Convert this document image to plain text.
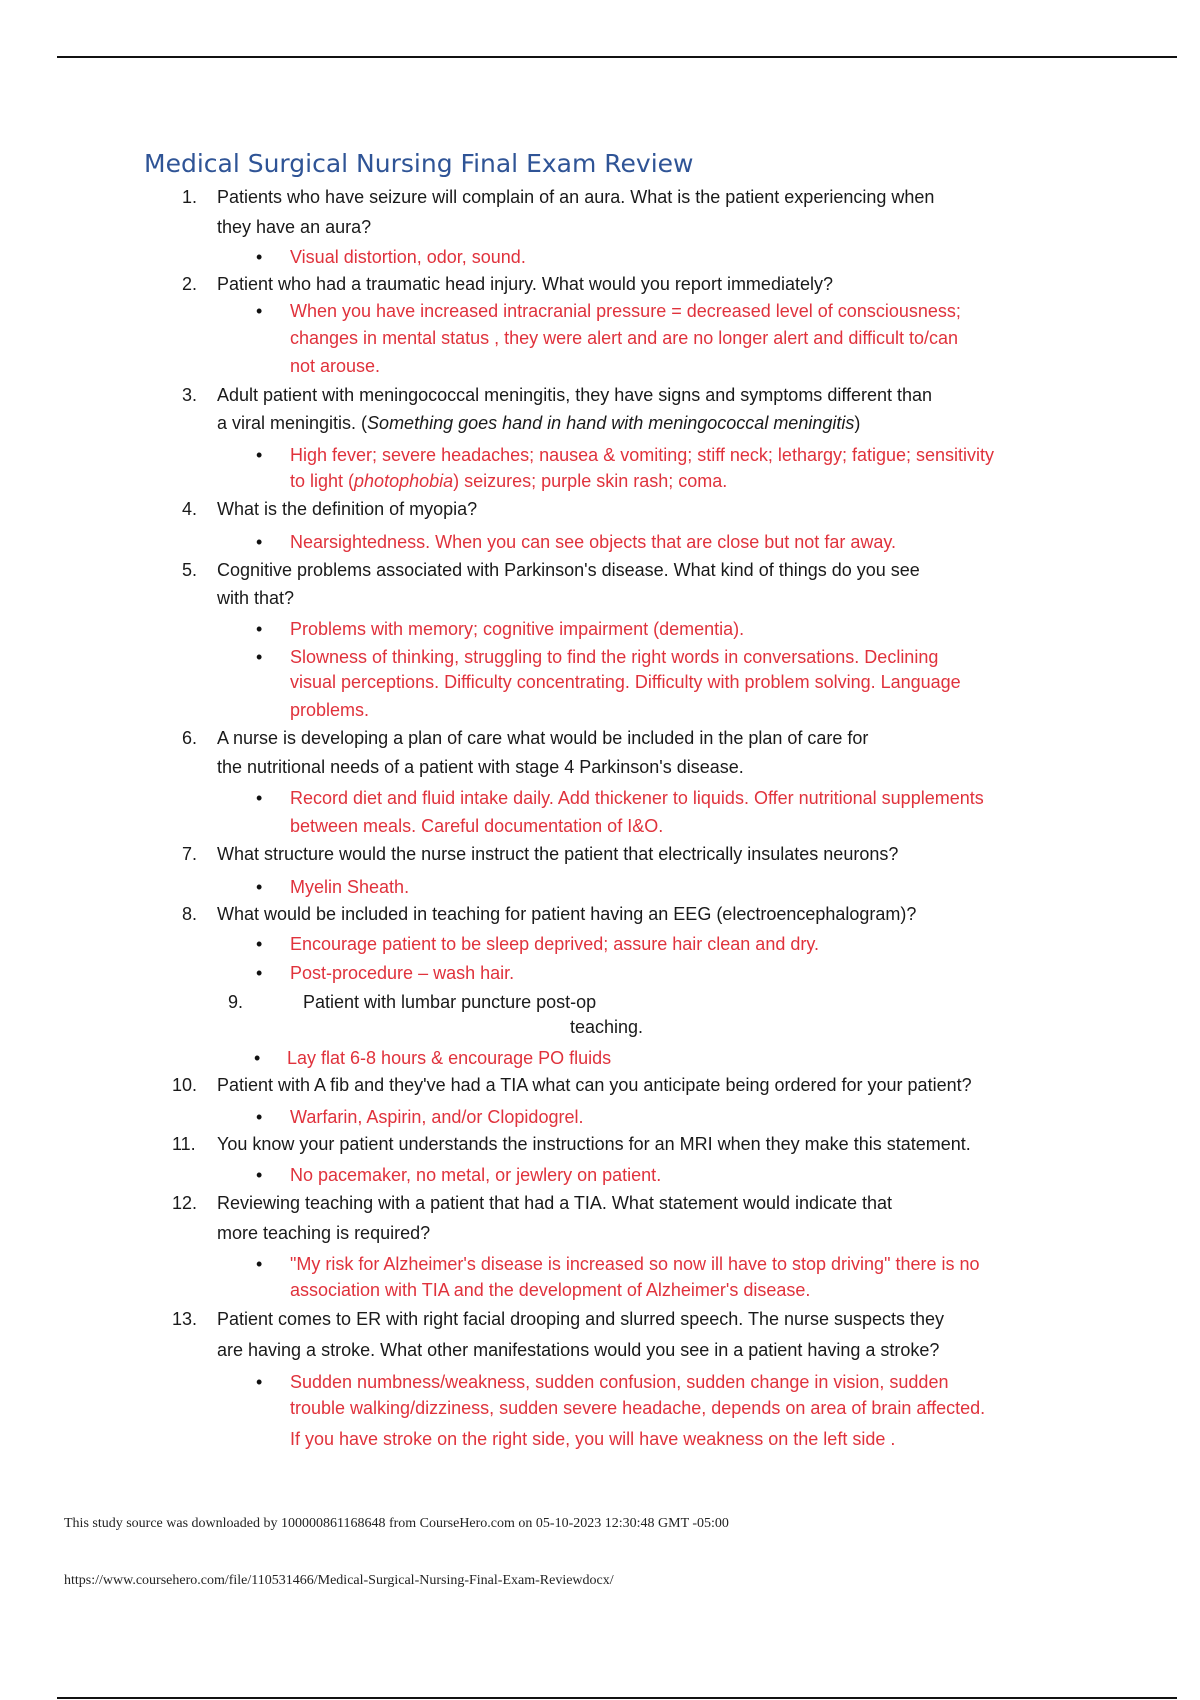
Medical Surgical Nursing Final Exam Review
1. Patients who have seizure will complain of an aura. What is the patient experiencing when
they have an aura?
• Visual distortion, odor, sound.
2. Patient who had a traumatic head injury. What would you report immediately?
• When you have increased intracranial pressure = decreased level of consciousness;
changes in mental status , they were alert and are no longer alert and difficult to/can
not arouse.
3. Adult patient with meningococcal meningitis, they have signs and symptoms different than
a viral meningitis. (Something goes hand in hand with meningococcal meningitis)
• High fever; severe headaches; nausea & vomiting; stiff neck; lethargy; fatigue; sensitivity
to light (photophobia) seizures; purple skin rash; coma.
4. What is the definition of myopia?
• Nearsightedness. When you can see objects that are close but not far away.
5. Cognitive problems associated with Parkinson's disease. What kind of things do you see
with that?
• Problems with memory; cognitive impairment (dementia).
• Slowness of thinking, struggling to find the right words in conversations. Declining
visual perceptions. Difficulty concentrating. Difficulty with problem solving. Language
problems.
6. A nurse is developing a plan of care what would be included in the plan of care for
the nutritional needs of a patient with stage 4 Parkinson's disease.
• Record diet and fluid intake daily. Add thickener to liquids. Offer nutritional supplements
between meals. Careful documentation of I&O.
7. What structure would the nurse instruct the patient that electrically insulates neurons?
• Myelin Sheath.
8. What would be included in teaching for patient having an EEG (electroencephalogram)?
• Encourage patient to be sleep deprived; assure hair clean and dry.
• Post-procedure – wash hair.
9.	Patient with lumbar puncture post-op
teaching.
• Lay flat 6-8 hours & encourage PO fluids
10. Patient with A fib and they've had a TIA what can you anticipate being ordered for your patient?
• Warfarin, Aspirin, and/or Clopidogrel.
11. You know your patient understands the instructions for an MRI when they make this statement.
• No pacemaker, no metal, or jewlery on patient.
12. Reviewing teaching with a patient that had a TIA. What statement would indicate that
more teaching is required?
• "My risk for Alzheimer's disease is increased so now ill have to stop driving" there is no
association with TIA and the development of Alzheimer's disease.
13. Patient comes to ER with right facial drooping and slurred speech. The nurse suspects they
are having a stroke. What other manifestations would you see in a patient having a stroke?
• Sudden numbness/weakness, sudden confusion, sudden change in vision, sudden
trouble walking/dizziness, sudden severe headache, depends on area of brain affected.
If you have stroke on the right side, you will have weakness on the left side .
This study source was downloaded by 100000861168648 from CourseHero.com on 05-10-2023 12:30:48 GMT -05:00
https://www.coursehero.com/file/110531466/Medical-Surgical-Nursing-Final-Exam-Reviewdocx/
